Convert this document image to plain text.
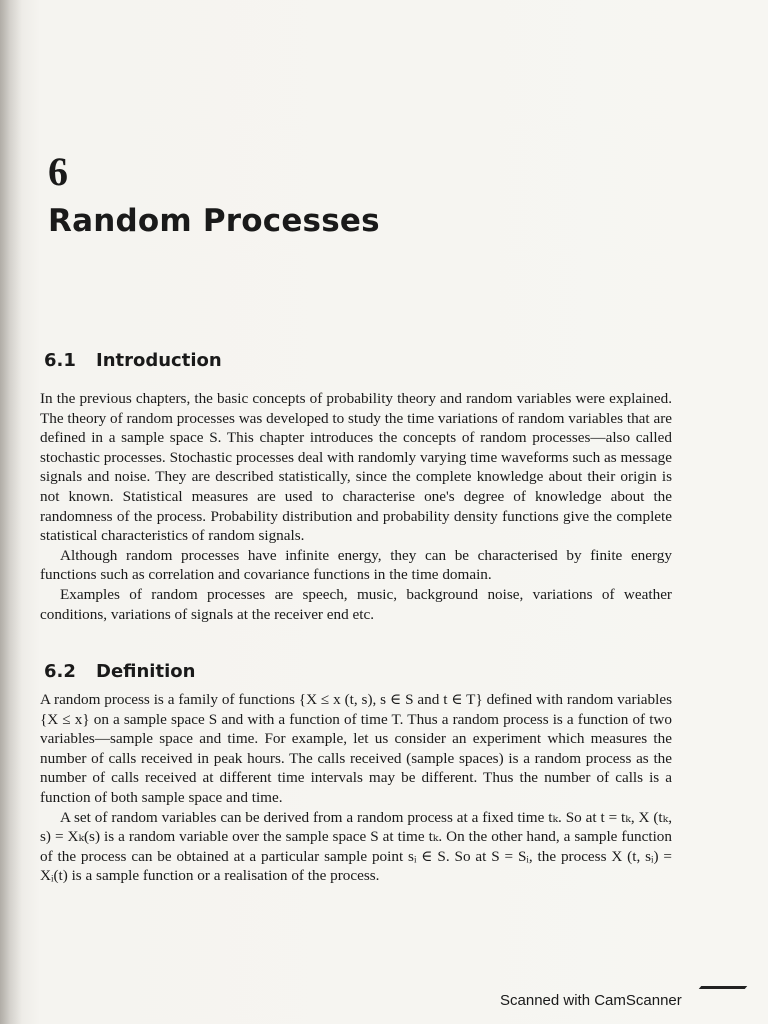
6
Random Processes
6.1 Introduction

In the previous chapters, the basic concepts of probability theory and random variables were explained. The theory of random processes was developed to study the time variations of random variables that are defined in a sample space S. This chapter introduces the concepts of random processes—also called stochastic processes. Stochastic processes deal with randomly varying time waveforms such as message signals and noise. They are described statistically, since the complete knowledge about their origin is not known. Statistical measures are used to characterise one's degree of knowledge about the randomness of the process. Probability distribution and probability density functions give the complete statistical characteristics of random signals.

Although random processes have infinite energy, they can be characterised by finite energy functions such as correlation and covariance functions in the time domain.

Examples of random processes are speech, music, background noise, variations of weather conditions, variations of signals at the receiver end etc.

6.2 Definition

A random process is a family of functions {X ≤ x (t, s), s ∈ S and t ∈ T} defined with random variables {X ≤ x} on a sample space S and with a function of time T. Thus a random process is a function of two variables—sample space and time. For example, let us consider an experiment which measures the number of calls received in peak hours. The calls received (sample spaces) is a random process as the number of calls received at different time intervals may be different. Thus the number of calls is a function of both sample space and time.

A set of random variables can be derived from a random process at a fixed time tₖ. So at t = tₖ, X (tₖ, s) = Xₖ(s) is a random variable over the sample space S at time tₖ. On the other hand, a sample function of the process can be obtained at a particular sample point sᵢ ∈ S. So at S = Sᵢ, the process X (t, sᵢ) = Xᵢ(t) is a sample function or a realisation of the process.

Scanned with CamScanner
